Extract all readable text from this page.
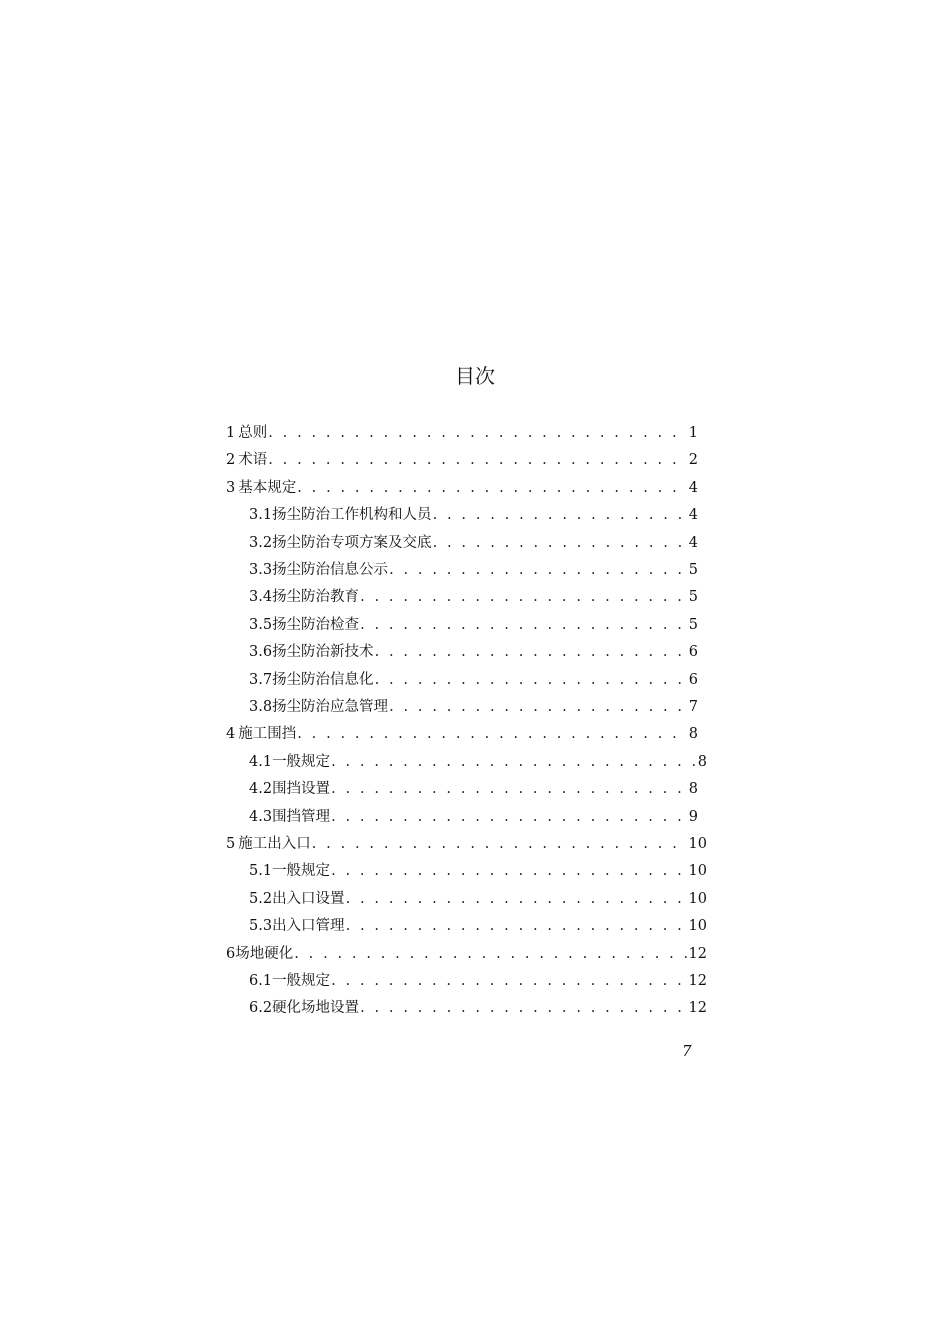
目次
1 总则 . . .	1
2 术语 . . .	2
3 基本规定 . . .	4
3.1 扬尘防治工作机构和人员 . . .	4
3.2 扬尘防治专项方案及交底 . . .	4
3.3 扬尘防治信息公示 . . .	5
3.4 扬尘防治教育 . . .	5
3.5 扬尘防治检查 . . .	5
3.6 扬尘防治新技术 . . .	6
3.7 扬尘防治信息化 . . .	6
3.8 扬尘防治应急管理 . . .	7
4 施工围挡 . . .	8
4.1 一般规定 . . .	8
4.2 围挡设置 . . .	8
4.3 围挡管理 . . .	9
5 施工出入口 . . .	10
5.1 一般规定 . . .	10
5.2 出入口设置 . . .	10
5.3 出入口管理 . . .	10
6 场地硬化 . . .	12
6.1 一般规定 . . .	12
6.2 硬化场地设置 . . .	12
7
